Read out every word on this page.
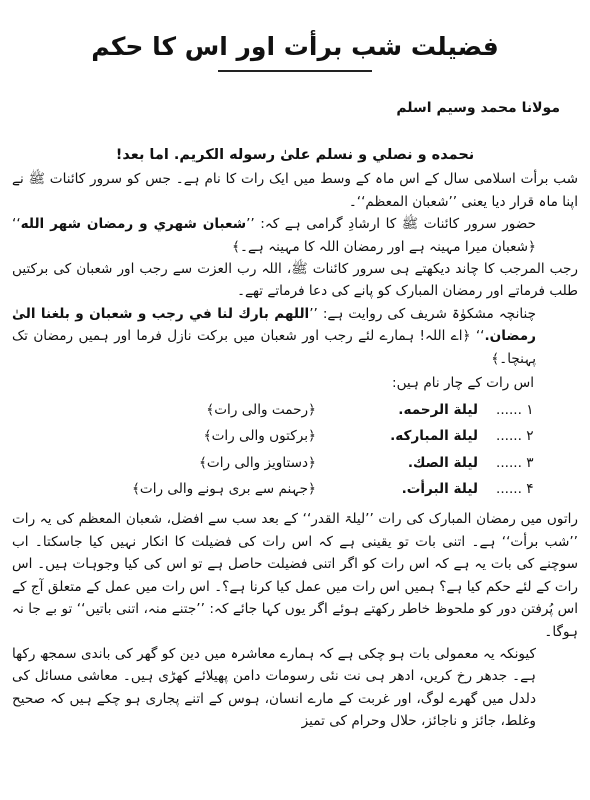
فضیلت شب برأت اور اس کا حکم
مولانا محمد وسیم اسلم

نحمده و نصلي و نسلم علىٰ رسوله الكريم. اما بعد!

شب برأت اسلامی سال کے اس ماہ کے وسط میں ایک رات کا نام ہے۔ جس کو سرور کائنات ﷺ نے اپنا ماہ قرار دیا یعنی ’’شعبان المعظم‘‘۔

حضور سرور کائنات ﷺ کا ارشادِ گرامی ہے کہ: ’’شعبان شهري و رمضان شهر الله‘‘ ﴿شعبان میرا مہینہ ہے اور رمضان اللہ کا مہینہ ہے۔﴾

رجب المرجب کا چاند دیکھتے ہی سرور کائنات ﷺ، اللہ رب العزت سے رجب اور شعبان کی برکتیں طلب فرماتے اور رمضان المبارک کو پانے کی دعا فرماتے تھے۔

چنانچہ مشکوٰۃ شریف کی روایت ہے: ’’اللهم بارك لنا في رجب و شعبان و بلغنا الىٰ رمضان.‘‘ ﴿اے اللہ! ہمارے لئے رجب اور شعبان میں برکت نازل فرما اور ہمیں رمضان تک پہنچا۔﴾

اس رات کے چار نام ہیں:

۱ ......	ليلة الرحمه.	﴿رحمت والی رات﴾
۲ ......	ليلة المباركه.	﴿برکتوں والی رات﴾
۳ ......	ليلة الصك.	﴿دستاویز والی رات﴾
۴ ......	ليلة البرأت.	﴿جہنم سے بری ہونے والی رات﴾

راتوں میں رمضان المبارک کی رات ’’لیلۃ القدر‘‘ کے بعد سب سے افضل، شعبان المعظم کی یہ رات ’’شب برأت‘‘ ہے۔ اتنی بات تو یقینی ہے کہ اس رات کی فضیلت کا انکار نہیں کیا جاسکتا۔ اب سوچنے کی بات یہ ہے کہ اس رات کو اگر اتنی فضیلت حاصل ہے تو اس کی کیا وجوہات ہیں۔ اس رات کے لئے حکم کیا ہے؟ ہمیں اس رات میں عمل کیا کرنا ہے؟۔ اس رات میں عمل کے متعلق آج کے اس پُرفتن دور کو ملحوظ خاطر رکھتے ہوئے اگر یوں کہا جائے کہ: ’’جتنے منہ، اتنی باتیں‘‘ تو بے جا نہ ہوگا۔

کیونکہ یہ معمولی بات ہو چکی ہے کہ ہمارے معاشرہ میں دین کو گھر کی باندی سمجھ رکھا ہے۔ جدھر رخ کریں، ادھر ہی نت نئی رسومات دامن پھیلائے کھڑی ہیں۔ معاشی مسائل کی دلدل میں گھرے لوگ، اور غربت کے مارے انسان، ہوس کے اتنے پجاری ہو چکے ہیں کہ صحیح وغلط، جائز و ناجائز، حلال وحرام کی تمیز
